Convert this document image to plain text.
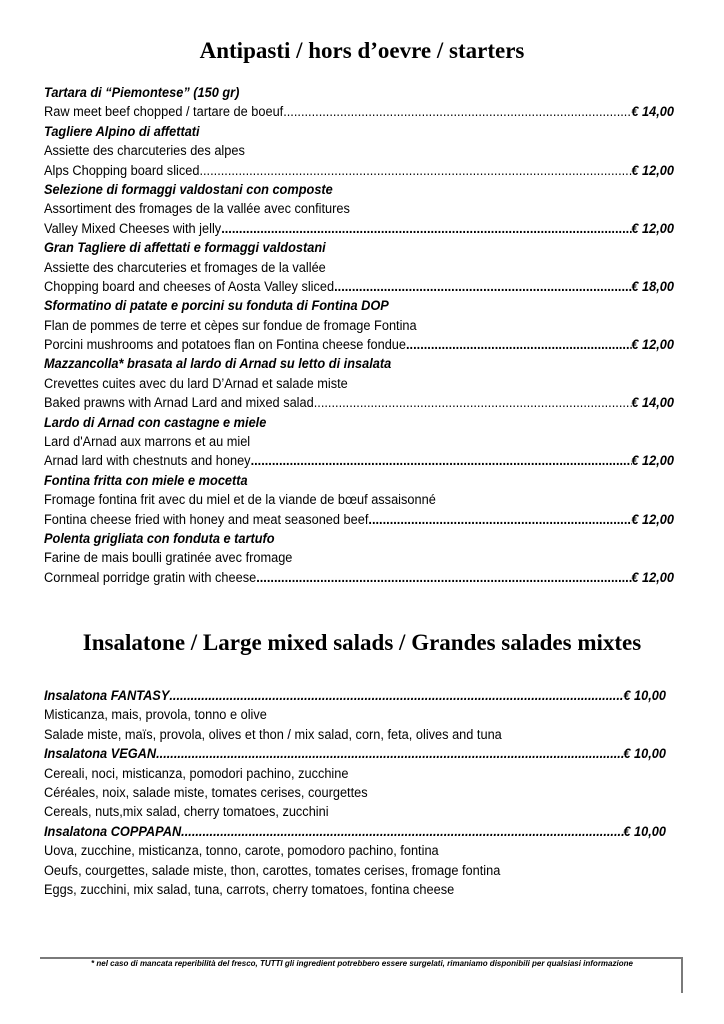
Antipasti / hors d’oevre / starters
Tartara di “Piemontese” (150 gr)
Raw meet beef chopped / tartare de boeuf .....	€ 14,00
Tagliere Alpino di affettati
Assiette des charcuteries des alpes
Alps Chopping board sliced .....	€ 12,00
Selezione di formaggi valdostani con composte
Assortiment des fromages de la vallée avec confitures
Valley Mixed Cheeses with jelly .....	€ 12,00
Gran Tagliere di affettati e formaggi valdostani
Assiette des charcuteries et fromages de la vallée
Chopping board and cheeses of Aosta Valley sliced .....	€ 18,00
Sformatino di patate e porcini su fonduta di Fontina DOP
Flan de pommes de terre et cèpes sur fondue de fromage Fontina
Porcini mushrooms and potatoes flan on Fontina cheese fondue .....	€ 12,00
Mazzancolla* brasata al lardo di Arnad su letto di insalata
Crevettes cuites avec du lard D’Arnad et salade miste
Baked prawns with Arnad Lard and mixed salad .....	€ 14,00
Lardo di Arnad con castagne e miele
Lard d'Arnad aux marrons et au miel
Arnad lard with chestnuts and honey .....	€ 12,00
Fontina fritta con miele e mocetta
Fromage fontina frit avec du miel et de la viande de bœuf assaisonné
Fontina cheese fried with honey and meat seasoned beef .....	€ 12,00
Polenta grigliata con fonduta e tartufo
Farine de mais boulli gratinée avec fromage
Cornmeal porridge gratin with cheese .....	€ 12,00
Insalatone / Large mixed salads / Grandes salades mixtes
Insalatona FANTASY .....	€ 10,00
Misticanza, mais, provola, tonno e olive
Salade miste, maïs, provola, olives et thon / mix salad, corn, feta, olives and tuna
Insalatona VEGAN .....	€ 10,00
Cereali, noci, misticanza, pomodori pachino, zucchine
Céréales, noix, salade miste, tomates cerises, courgettes
Cereals, nuts,mix salad, cherry tomatoes, zucchini
Insalatona COPPAPAN .....	€ 10,00
Uova, zucchine, misticanza, tonno, carote, pomodoro pachino, fontina
Oeufs, courgettes, salade miste, thon, carottes, tomates cerises, fromage fontina
Eggs, zucchini, mix salad, tuna, carrots, cherry tomatoes, fontina cheese
* nel caso di mancata reperibilità del fresco, TUTTI gli ingredient potrebbero essere surgelati, rimaniamo disponibili per qualsiasi informazione
